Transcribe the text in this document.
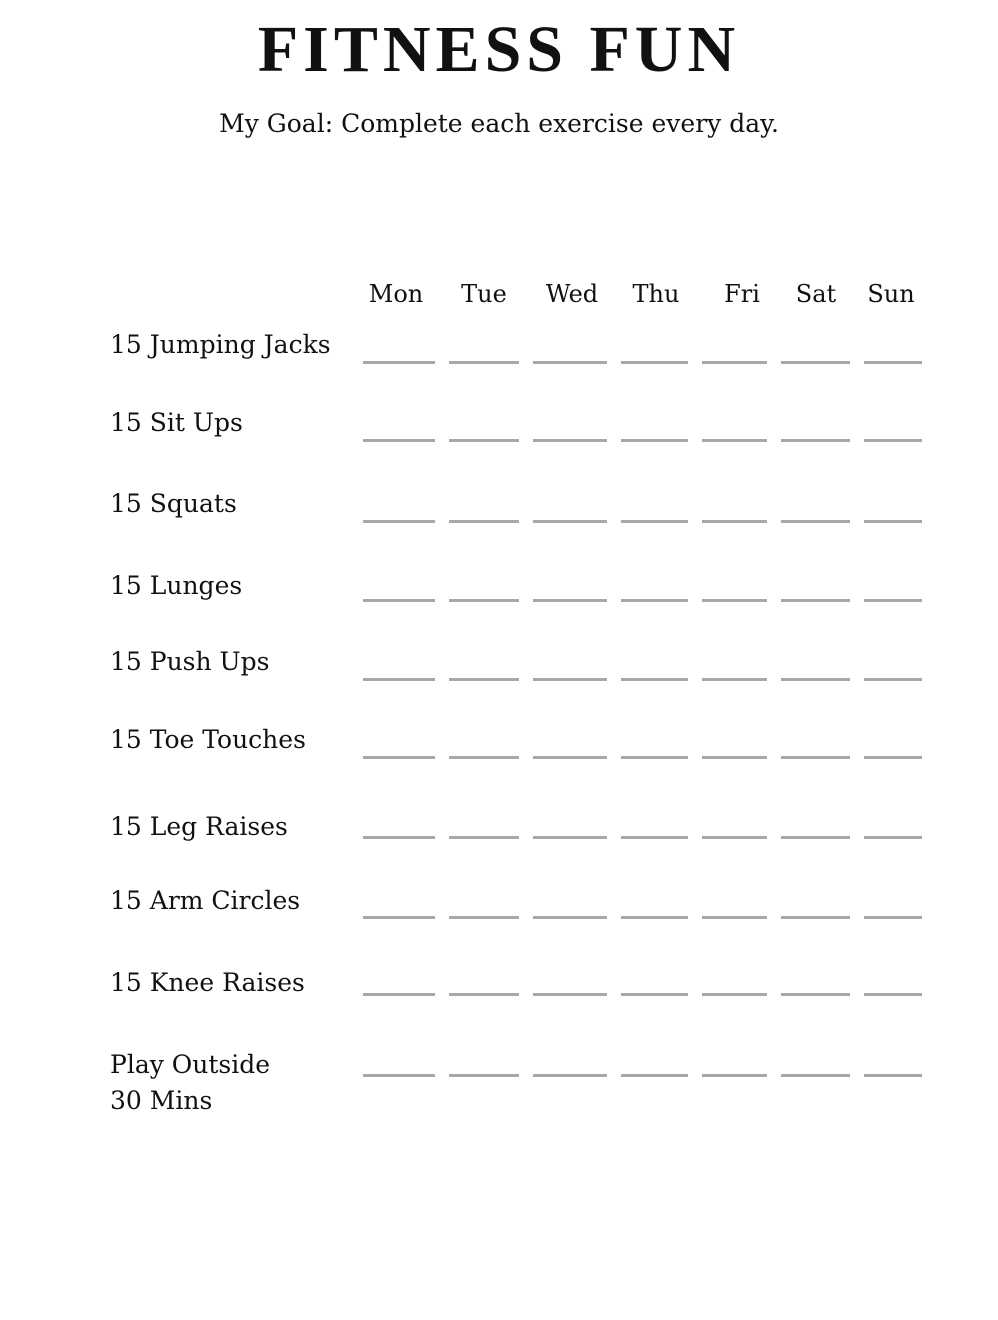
FITNESS FUN
My Goal: Complete each exercise every day.
Mon	Tue	Wed	Thu	Fri	Sat	Sun
15 Jumping Jacks
15 Sit Ups
15 Squats
15 Lunges
15 Push Ups
15 Toe Touches
15 Leg Raises
15 Arm Circles
15 Knee Raises
Play Outside
30 Mins
